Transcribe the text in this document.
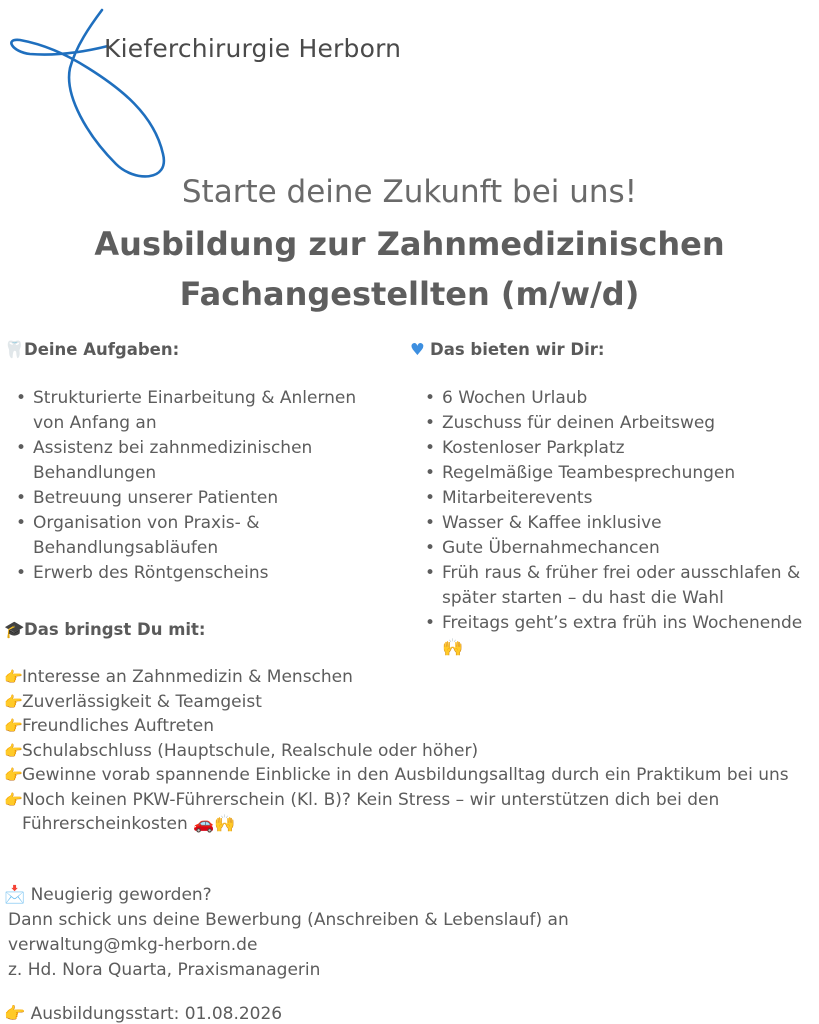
Kieferchirurgie Herborn
Starte deine Zukunft bei uns!
Ausbildung zur Zahnmedizinischen
Fachangestellten (m/w/d)
🦷Deine Aufgaben:
• Strukturierte Einarbeitung & Anlernen von Anfang an
• Assistenz bei zahnmedizinischen Behandlungen
• Betreuung unserer Patienten
• Organisation von Praxis- & Behandlungsabläufen
• Erwerb des Röntgenscheins
♥ Das bieten wir Dir:
• 6 Wochen Urlaub
• Zuschuss für deinen Arbeitsweg
• Kostenloser Parkplatz
• Regelmäßige Teambesprechungen
• Mitarbeiterevents
• Wasser & Kaffee inklusive
• Gute Übernahmechancen
• Früh raus & früher frei oder ausschlafen & später starten – du hast die Wahl
• Freitags geht’s extra früh ins Wochenende 🙌
🎓Das bringst Du mit:
👉 Interesse an Zahnmedizin & Menschen
👉 Zuverlässigkeit & Teamgeist
👉 Freundliches Auftreten
👉 Schulabschluss (Hauptschule, Realschule oder höher)
👉 Gewinne vorab spannende Einblicke in den Ausbildungsalltag durch ein Praktikum bei uns
👉 Noch keinen PKW-Führerschein (Kl. B)? Kein Stress – wir unterstützen dich bei den Führerscheinkosten 🚗🙌
📩 Neugierig geworden?
Dann schick uns deine Bewerbung (Anschreiben & Lebenslauf) an
verwaltung@mkg-herborn.de
z. Hd. Nora Quarta, Praxismanagerin
👉 Ausbildungsstart: 01.08.2026
